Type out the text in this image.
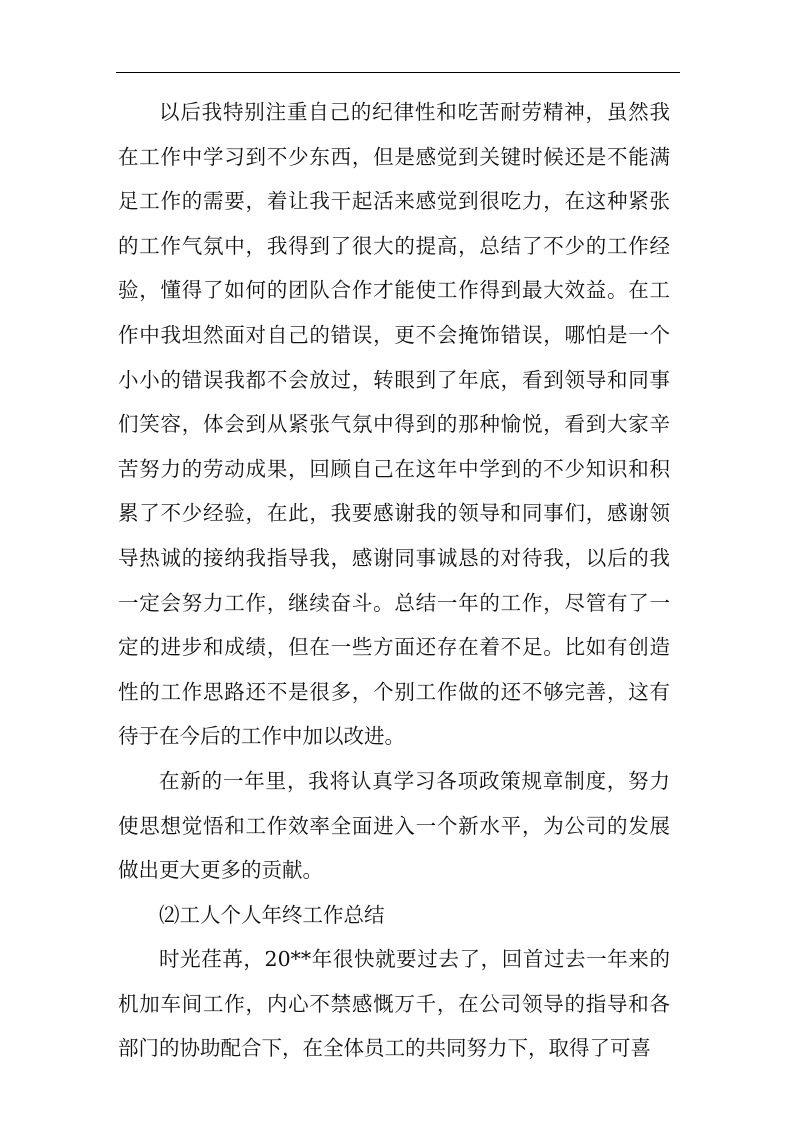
以后我特别注重自己的纪律性和吃苦耐劳精神，虽然我在工作中学习到不少东西，但是感觉到关键时候还是不能满足工作的需要，着让我干起活来感觉到很吃力，在这种紧张的工作气氛中，我得到了很大的提高，总结了不少的工作经验，懂得了如何的团队合作才能使工作得到最大效益。在工作中我坦然面对自己的错误，更不会掩饰错误，哪怕是一个小小的错误我都不会放过，转眼到了年底，看到领导和同事们笑容，体会到从紧张气氛中得到的那种愉悦，看到大家辛苦努力的劳动成果，回顾自己在这年中学到的不少知识和积累了不少经验，在此，我要感谢我的领导和同事们，感谢领导热诚的接纳我指导我，感谢同事诚恳的对待我，以后的我一定会努力工作，继续奋斗。总结一年的工作，尽管有了一定的进步和成绩，但在一些方面还存在着不足。比如有创造性的工作思路还不是很多，个别工作做的还不够完善，这有待于在今后的工作中加以改进。

在新的一年里，我将认真学习各项政策规章制度，努力使思想觉悟和工作效率全面进入一个新水平，为公司的发展做出更大更多的贡献。

⑵工人个人年终工作总结

时光荏苒，20**年很快就要过去了，回首过去一年来的机加车间工作，内心不禁感慨万千，在公司领导的指导和各部门的协助配合下，在全体员工的共同努力下，取得了可喜
